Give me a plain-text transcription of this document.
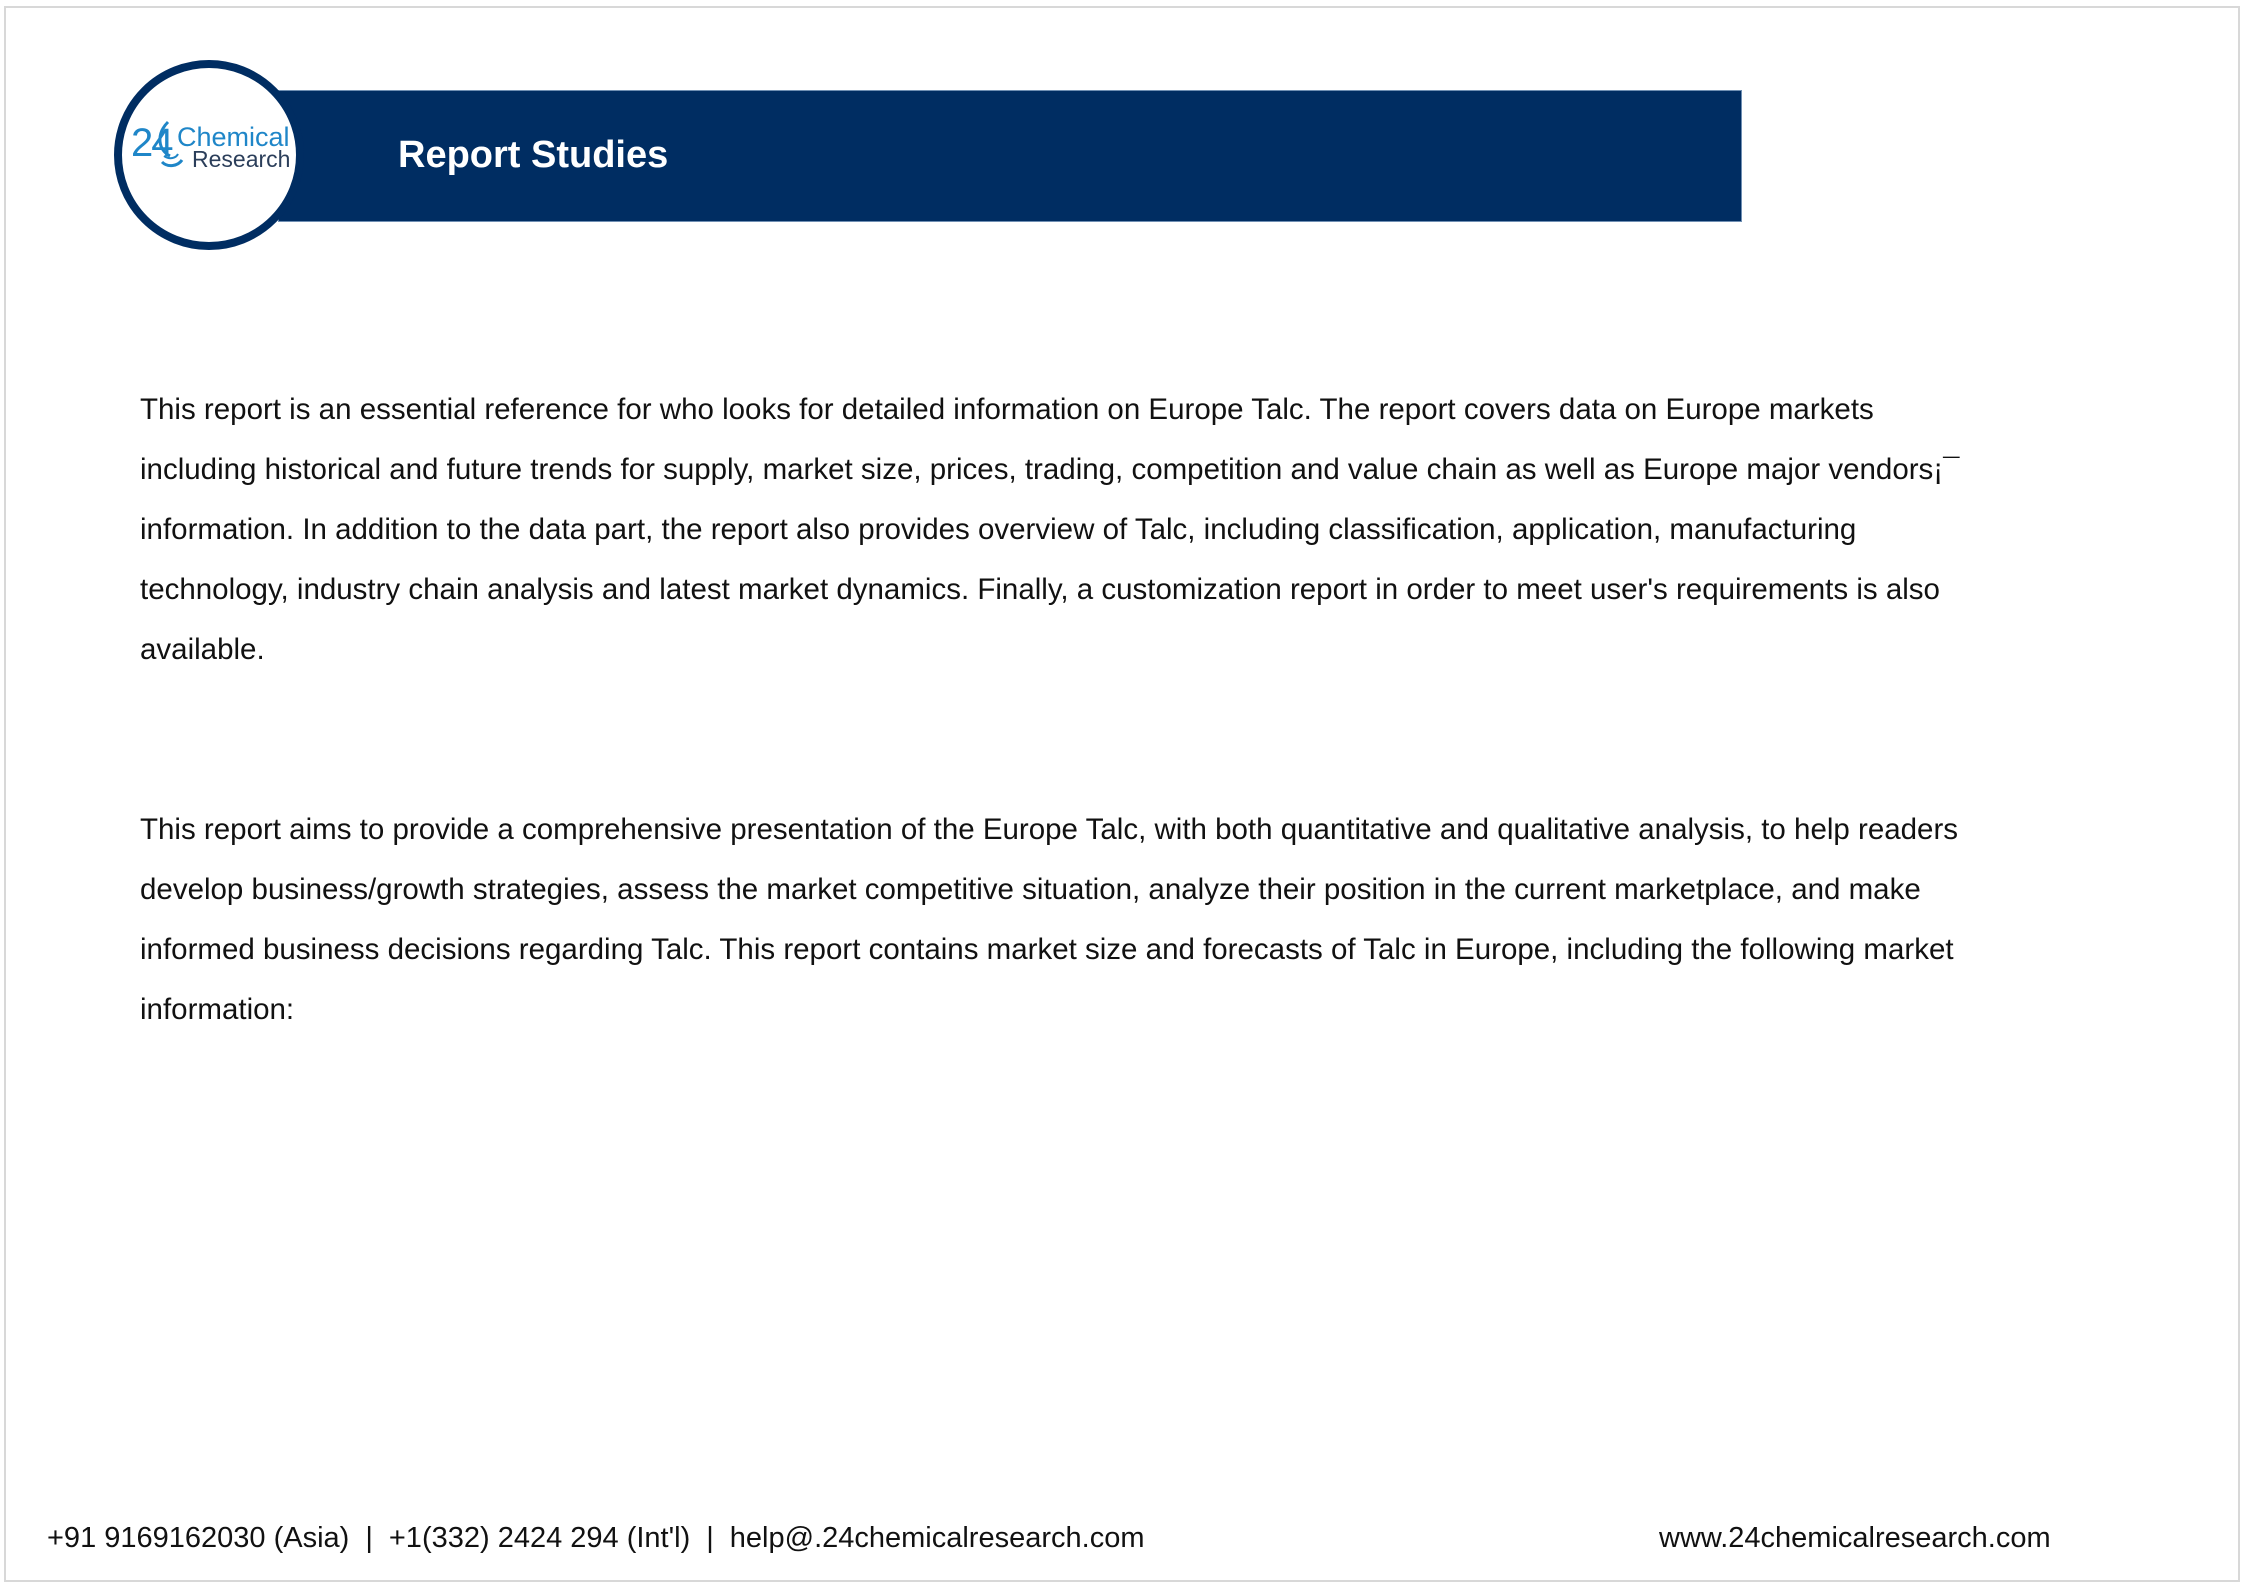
Report Studies
24 Chemical
Research
This report is an essential reference for who looks for detailed information on Europe Talc. The report covers data on Europe markets
including historical and future trends for supply, market size, prices, trading, competition and value chain as well as Europe major vendors¡¯
information. In addition to the data part, the report also provides overview of Talc, including classification, application, manufacturing
technology, industry chain analysis and latest market dynamics. Finally, a customization report in order to meet user's requirements is also
available.
This report aims to provide a comprehensive presentation of the Europe Talc, with both quantitative and qualitative analysis, to help readers
develop business/growth strategies, assess the market competitive situation, analyze their position in the current marketplace, and make
informed business decisions regarding Talc. This report contains market size and forecasts of Talc in Europe, including the following market
information:
+91 9169162030 (Asia) | +1(332) 2424 294 (Int'l) | help@.24chemicalresearch.com	www.24chemicalresearch.com
